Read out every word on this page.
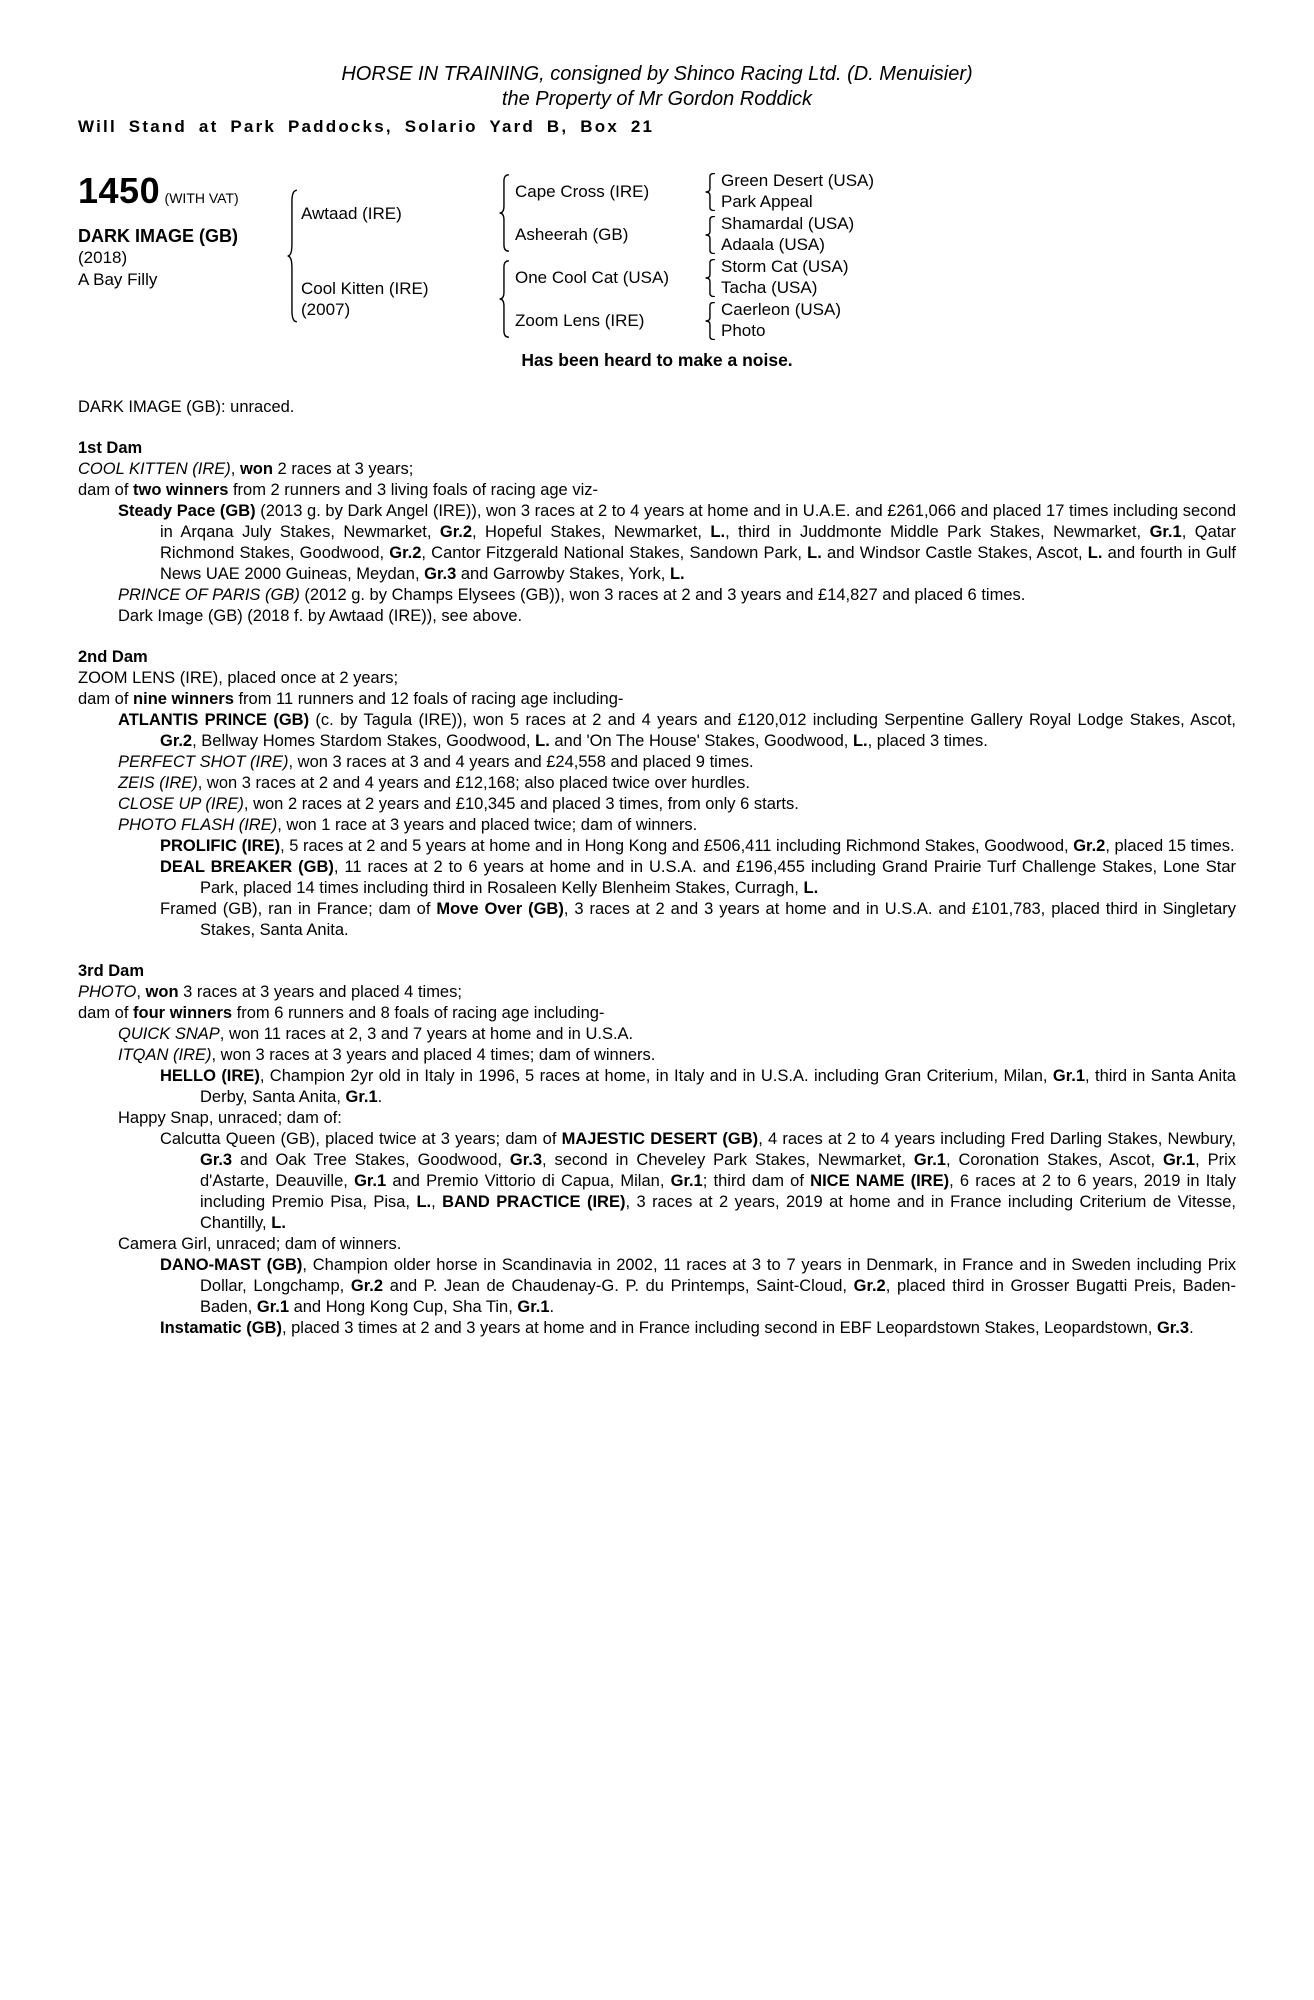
HORSE IN TRAINING, consigned by Shinco Racing Ltd. (D. Menuisier)
the Property of Mr Gordon Roddick
Will Stand at Park Paddocks, Solario Yard B, Box 21
1450 (WITH VAT)
DARK IMAGE (GB)
(2018)
A Bay Filly
Awtaad (IRE)
Cool Kitten (IRE)
(2007)
Cape Cross (IRE)
Asheerah (GB)
One Cool Cat (USA)
Zoom Lens (IRE)
Green Desert (USA)
Park Appeal
Shamardal (USA)
Adaala (USA)
Storm Cat (USA)
Tacha (USA)
Caerleon (USA)
Photo
Has been heard to make a noise.

DARK IMAGE (GB): unraced.

1st Dam

COOL KITTEN (IRE), won 2 races at 3 years;

dam of two winners from 2 runners and 3 living foals of racing age viz-

Steady Pace (GB) (2013 g. by Dark Angel (IRE)), won 3 races at 2 to 4 years at home and in U.A.E. and £261,066 and placed 17 times including second in Arqana July Stakes, Newmarket, Gr.2, Hopeful Stakes, Newmarket, L., third in Juddmonte Middle Park Stakes, Newmarket, Gr.1, Qatar Richmond Stakes, Goodwood, Gr.2, Cantor Fitzgerald National Stakes, Sandown Park, L. and Windsor Castle Stakes, Ascot, L. and fourth in Gulf News UAE 2000 Guineas, Meydan, Gr.3 and Garrowby Stakes, York, L.

PRINCE OF PARIS (GB) (2012 g. by Champs Elysees (GB)), won 3 races at 2 and 3 years and £14,827 and placed 6 times.

Dark Image (GB) (2018 f. by Awtaad (IRE)), see above.

2nd Dam

ZOOM LENS (IRE), placed once at 2 years;

dam of nine winners from 11 runners and 12 foals of racing age including-

ATLANTIS PRINCE (GB) (c. by Tagula (IRE)), won 5 races at 2 and 4 years and £120,012 including Serpentine Gallery Royal Lodge Stakes, Ascot, Gr.2, Bellway Homes Stardom Stakes, Goodwood, L. and 'On The House' Stakes, Goodwood, L., placed 3 times.

PERFECT SHOT (IRE), won 3 races at 3 and 4 years and £24,558 and placed 9 times.

ZEIS (IRE), won 3 races at 2 and 4 years and £12,168; also placed twice over hurdles.

CLOSE UP (IRE), won 2 races at 2 years and £10,345 and placed 3 times, from only 6 starts.

PHOTO FLASH (IRE), won 1 race at 3 years and placed twice; dam of winners.

PROLIFIC (IRE), 5 races at 2 and 5 years at home and in Hong Kong and £506,411 including Richmond Stakes, Goodwood, Gr.2, placed 15 times.

DEAL BREAKER (GB), 11 races at 2 to 6 years at home and in U.S.A. and £196,455 including Grand Prairie Turf Challenge Stakes, Lone Star Park, placed 14 times including third in Rosaleen Kelly Blenheim Stakes, Curragh, L.

Framed (GB), ran in France; dam of Move Over (GB), 3 races at 2 and 3 years at home and in U.S.A. and £101,783, placed third in Singletary Stakes, Santa Anita.

3rd Dam

PHOTO, won 3 races at 3 years and placed 4 times;

dam of four winners from 6 runners and 8 foals of racing age including-

QUICK SNAP, won 11 races at 2, 3 and 7 years at home and in U.S.A.

ITQAN (IRE), won 3 races at 3 years and placed 4 times; dam of winners.

HELLO (IRE), Champion 2yr old in Italy in 1996, 5 races at home, in Italy and in U.S.A. including Gran Criterium, Milan, Gr.1, third in Santa Anita Derby, Santa Anita, Gr.1.

Happy Snap, unraced; dam of:

Calcutta Queen (GB), placed twice at 3 years; dam of MAJESTIC DESERT (GB), 4 races at 2 to 4 years including Fred Darling Stakes, Newbury, Gr.3 and Oak Tree Stakes, Goodwood, Gr.3, second in Cheveley Park Stakes, Newmarket, Gr.1, Coronation Stakes, Ascot, Gr.1, Prix d'Astarte, Deauville, Gr.1 and Premio Vittorio di Capua, Milan, Gr.1; third dam of NICE NAME (IRE), 6 races at 2 to 6 years, 2019 in Italy including Premio Pisa, Pisa, L., BAND PRACTICE (IRE), 3 races at 2 years, 2019 at home and in France including Criterium de Vitesse, Chantilly, L.

Camera Girl, unraced; dam of winners.

DANO-MAST (GB), Champion older horse in Scandinavia in 2002, 11 races at 3 to 7 years in Denmark, in France and in Sweden including Prix Dollar, Longchamp, Gr.2 and P. Jean de Chaudenay-G. P. du Printemps, Saint-Cloud, Gr.2, placed third in Grosser Bugatti Preis, Baden-Baden, Gr.1 and Hong Kong Cup, Sha Tin, Gr.1.

Instamatic (GB), placed 3 times at 2 and 3 years at home and in France including second in EBF Leopardstown Stakes, Leopardstown, Gr.3.
